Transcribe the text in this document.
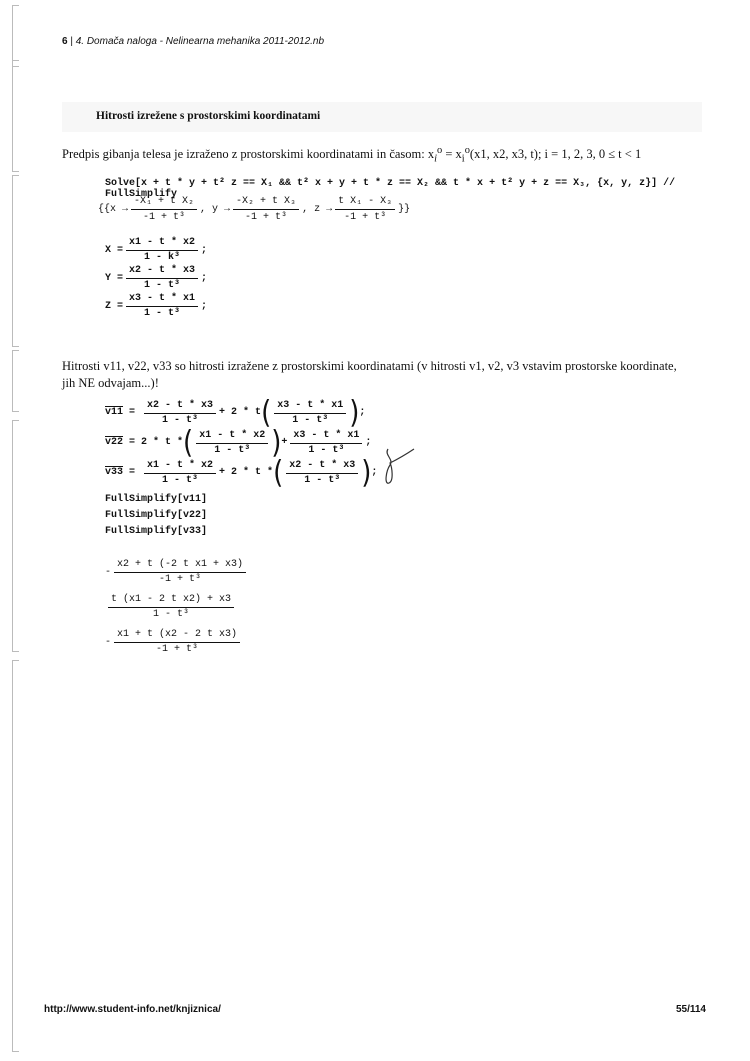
6 | 4. Domača naloga - Nelinearna mehanika 2011-2012.nb
Hitrosti izrežene s prostorskimi koordinatami
Predpis gibanja telesa je izraženo z prostorskimi koordinatami in časom: $x_i^o = x_i^o(x1$, x2, x3, t); i = 1, 2, 3, 0 ≤ t < 1
Solve[x + t * y + t² z == X₁ && t² x + y + t * z == X₂ && t * x + t² y + z == X₃, {x, y, z}] // FullSimplify
{{$x \to \frac{\text{-X₁ + t X₂}}{\text{-1 + t³}}$ , $y \to \frac{\text{-X₂ + t X₃}}{\text{-1 + t³}}$ , $z \to \frac{\text{t X₁ - X₃}}{\text{-1 + t³}}$ }}
$X = \frac{x1 - t * x2}{\text{1 - k³}}$ ;
$Y = \frac{x2 - t * x3}{\text{1 - t³}}$ ;
$Z = \frac{x3 - t * x1}{\text{1 - t³}}$ ;
Hitrosti v11, v22, v33 so hitrosti izražene z prostorskimi koordinatami (v hitrosti v1, v2, v3 vstavim prostorske koordinate, jih NE odvajam...)!
$v11 = \frac{x2 - t * x3}{\text{1 - t³}} + 2 * t$ ( $\frac{x3 - t * x1}{\text{1 - t³}}$ ) ;
v22 = 2 * t * ( $\frac{x1 - t * x2}{\text{1 - t³}}$ ) + $\frac{x3 - t * x1}{\text{1 - t³}}$ ;
$v33 = \frac{x1 - t * x2}{\text{1 - t³}} + 2 * t$ * ( $\frac{x2 - t * x3}{\text{1 - t³}}$ ) ;
FullSimplify[v11]
FullSimplify[v22]
FullSimplify[v33]
- $\frac{\text{x2 + t (-2 t x1 + x3)}}{\text{-1 + t³}}$
$\frac{\text{t (x1 - 2 t x2) + x3}}{\text{1 - t³}}$
- $\frac{\text{x1 + t (x2 - 2 t x3)}}{\text{-1 + t³}}$
http://www.student-info.net/knjiznica/	55/114
